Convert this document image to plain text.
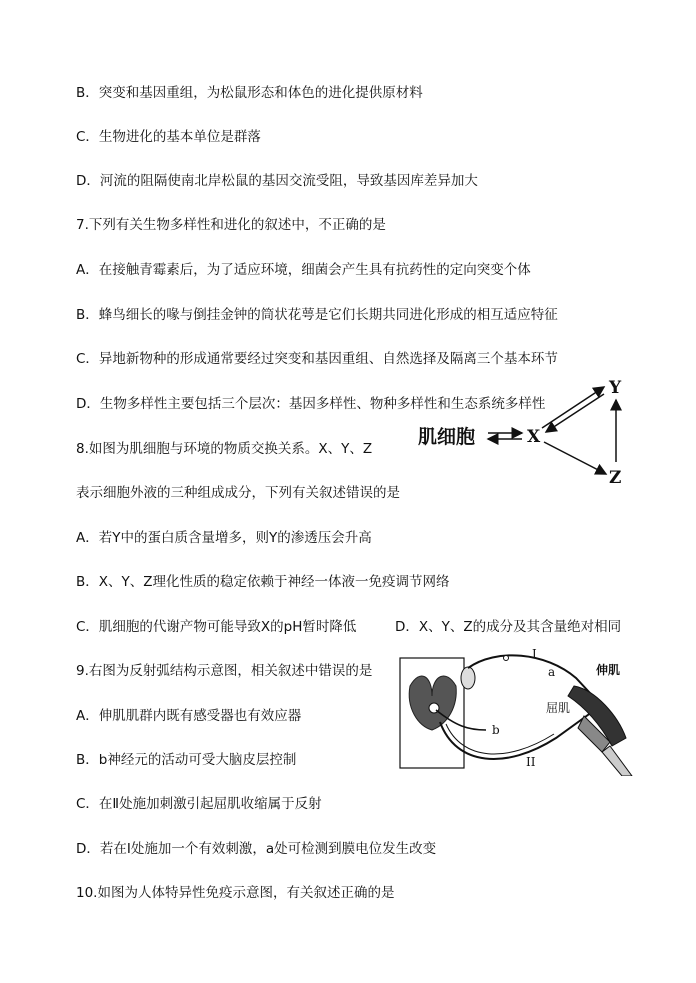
B．突变和基因重组，为松鼠形态和体色的进化提供原材料
C．生物进化的基本单位是群落
D．河流的阻隔使南北岸松鼠的基因交流受阻，导致基因库差异加大
7.下列有关生物多样性和进化的叙述中，不正确的是
A．在接触青霉素后，为了适应环境，细菌会产生具有抗药性的定向突变个体
B．蜂鸟细长的喙与倒挂金钟的筒状花萼是它们长期共同进化形成的相互适应特征
C．异地新物种的形成通常要经过突变和基因重组、自然选择及隔离三个基本环节
D．生物多样性主要包括三个层次：基因多样性、物种多样性和生态系统多样性
8.如图为肌细胞与环境的物质交换关系。X、Y、Z
表示细胞外液的三种组成成分，下列有关叙述错误的是
A．若Y中的蛋白质含量增多，则Y的渗透压会升高
B．X、Y、Z理化性质的稳定依赖于神经一体液一免疫调节网络
C．肌细胞的代谢产物可能导致X的pH暂时降低	D．X、Y、Z的成分及其含量绝对相同
9.右图为反射弧结构示意图，相关叙述中错误的是
A．伸肌肌群内既有感受器也有效应器
B．b神经元的活动可受大脑皮层控制
C．在Ⅱ处施加刺激引起屈肌收缩属于反射
D．若在Ⅰ处施加一个有效刺激，a处可检测到膜电位发生改变
10.如图为人体特异性免疫示意图，有关叙述正确的是
肌细胞	X
Y
Z
I
a	伸肌
屈肌
b
II
